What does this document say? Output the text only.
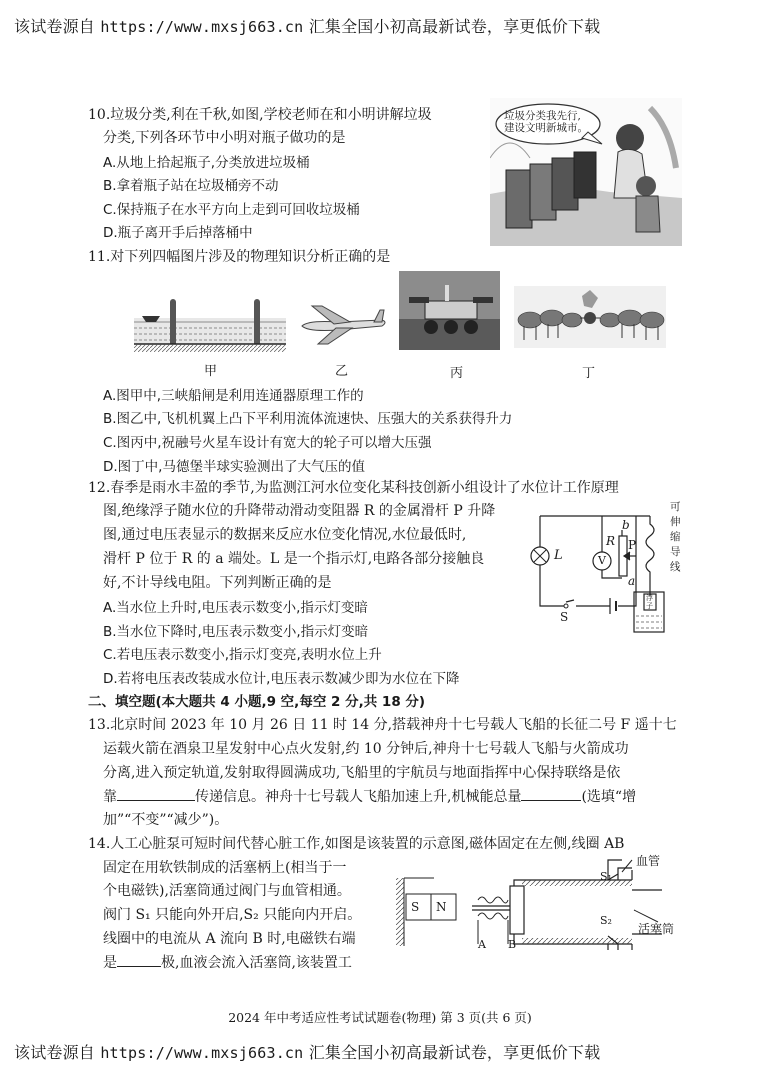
该试卷源自 https://www.mxsj663.cn 汇集全国小初高最新试卷，享更低价下载
10.垃圾分类,利在千秋,如图,学校老师在和小明讲解垃圾
分类,下列各环节中小明对瓶子做功的是
A.从地上拾起瓶子,分类放进垃圾桶
B.拿着瓶子站在垃圾桶旁不动
C.保持瓶子在水平方向上走到可回收垃圾桶
D.瓶子离开手后掉落桶中
垃圾分类我先行,
建设文明新城市。
11.对下列四幅图片涉及的物理知识分析正确的是
甲	乙	丙	丁
A.图甲中,三峡船闸是利用连通器原理工作的
B.图乙中,飞机机翼上凸下平利用流体流速快、压强大的关系获得升力
C.图丙中,祝融号火星车设计有宽大的轮子可以增大压强
D.图丁中,马德堡半球实验测出了大气压的值
12.春季是雨水丰盈的季节,为监测江河水位变化某科技创新小组设计了水位计工作原理
图,绝缘浮子随水位的升降带动滑动变阻器 R 的金属滑杆 P 升降
图,通过电压表显示的数据来反应水位变化情况,水位最低时,
滑杆 P 位于 R 的 a 端处。L 是一个指示灯,电路各部分接触良
好,不计导线电阻。下列判断正确的是
A.当水位上升时,电压表示数变小,指示灯变暗
B.当水位下降时,电压表示数变小,指示灯变暗
C.若电压表示数变小,指示灯变亮,表明水位上升
D.若将电压表改装成水位计,电压表示数减少即为水位在下降
L	V
R P
b
a
S
可
伸
缩
导
线
浮
子
二、填空题(本大题共 4 小题,9 空,每空 2 分,共 18 分)
13.北京时间 2023 年 10 月 26 日 11 时 14 分,搭载神舟十七号载人飞船的长征二号 F 遥十七
运载火箭在酒泉卫星发射中心点火发射,约 10 分钟后,神舟十七号载人飞船与火箭成功
分离,进入预定轨道,发射取得圆满成功,飞船里的宇航员与地面指挥中心保持联络是依
靠	传递信息。神舟十七号载人飞船加速上升,机械能总量	(选填“增
加”“不变”“减少”)。
14.人工心脏泵可短时间代替心脏工作,如图是该装置的示意图,磁体固定在左侧,线圈 AB
固定在用软铁制成的活塞柄上(相当于一
个电磁铁),活塞筒通过阀门与血管相通。
阀门 S₁ 只能向外开启,S₂ 只能向内开启。
线圈中的电流从 A 流向 B 时,电磁铁右端
是	极,血液会流入活塞筒,该装置工
S N
A B
S₁
S₂
血管
活塞筒
2024 年中考适应性考试试题卷(物理) 第 3 页(共 6 页)
该试卷源自 https://www.mxsj663.cn 汇集全国小初高最新试卷，享更低价下载
